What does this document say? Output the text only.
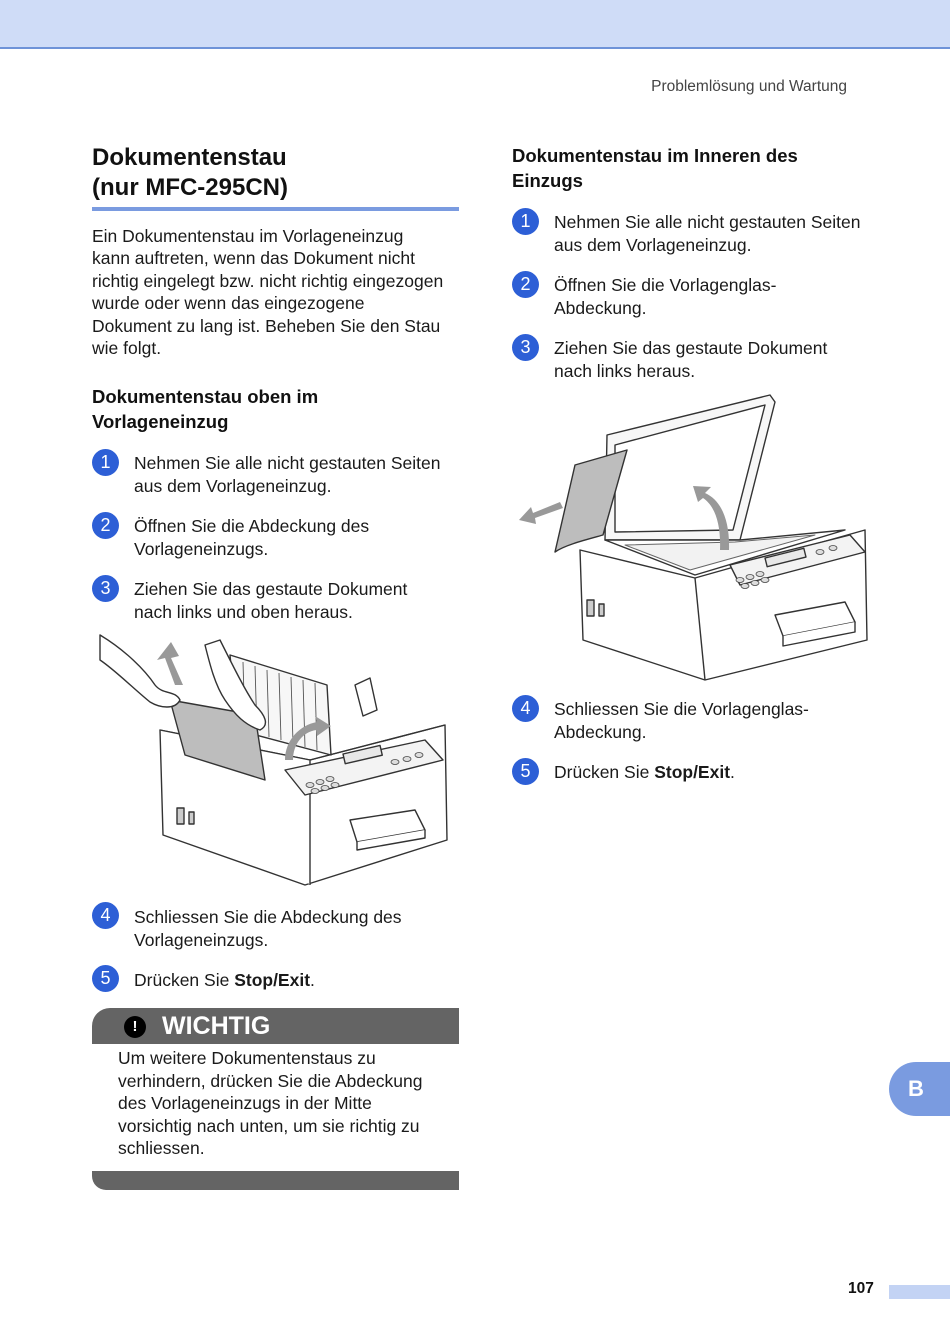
Problemlösung und Wartung
Dokumentenstau
(nur MFC-295CN)
Ein Dokumentenstau im Vorlageneinzug
kann auftreten, wenn das Dokument nicht
richtig eingelegt bzw. nicht richtig eingezogen
wurde oder wenn das eingezogene
Dokument zu lang ist. Beheben Sie den Stau
wie folgt.
Dokumentenstau oben im
Vorlageneinzug
1	Nehmen Sie alle nicht gestauten Seiten
aus dem Vorlageneinzug.
2	Öffnen Sie die Abdeckung des
Vorlageneinzugs.
3	Ziehen Sie das gestaute Dokument
nach links und oben heraus.
4	Schliessen Sie die Abdeckung des
Vorlageneinzugs.
5	Drücken Sie Stop/Exit.
! WICHTIG
Um weitere Dokumentenstaus zu
verhindern, drücken Sie die Abdeckung
des Vorlageneinzugs in der Mitte
vorsichtig nach unten, um sie richtig zu
schliessen.
Dokumentenstau im Inneren des
Einzugs
1	Nehmen Sie alle nicht gestauten Seiten
aus dem Vorlageneinzug.
2	Öffnen Sie die Vorlagenglas-
Abdeckung.
3	Ziehen Sie das gestaute Dokument
nach links heraus.
4	Schliessen Sie die Vorlagenglas-
Abdeckung.
5	Drücken Sie Stop/Exit.
B
107
